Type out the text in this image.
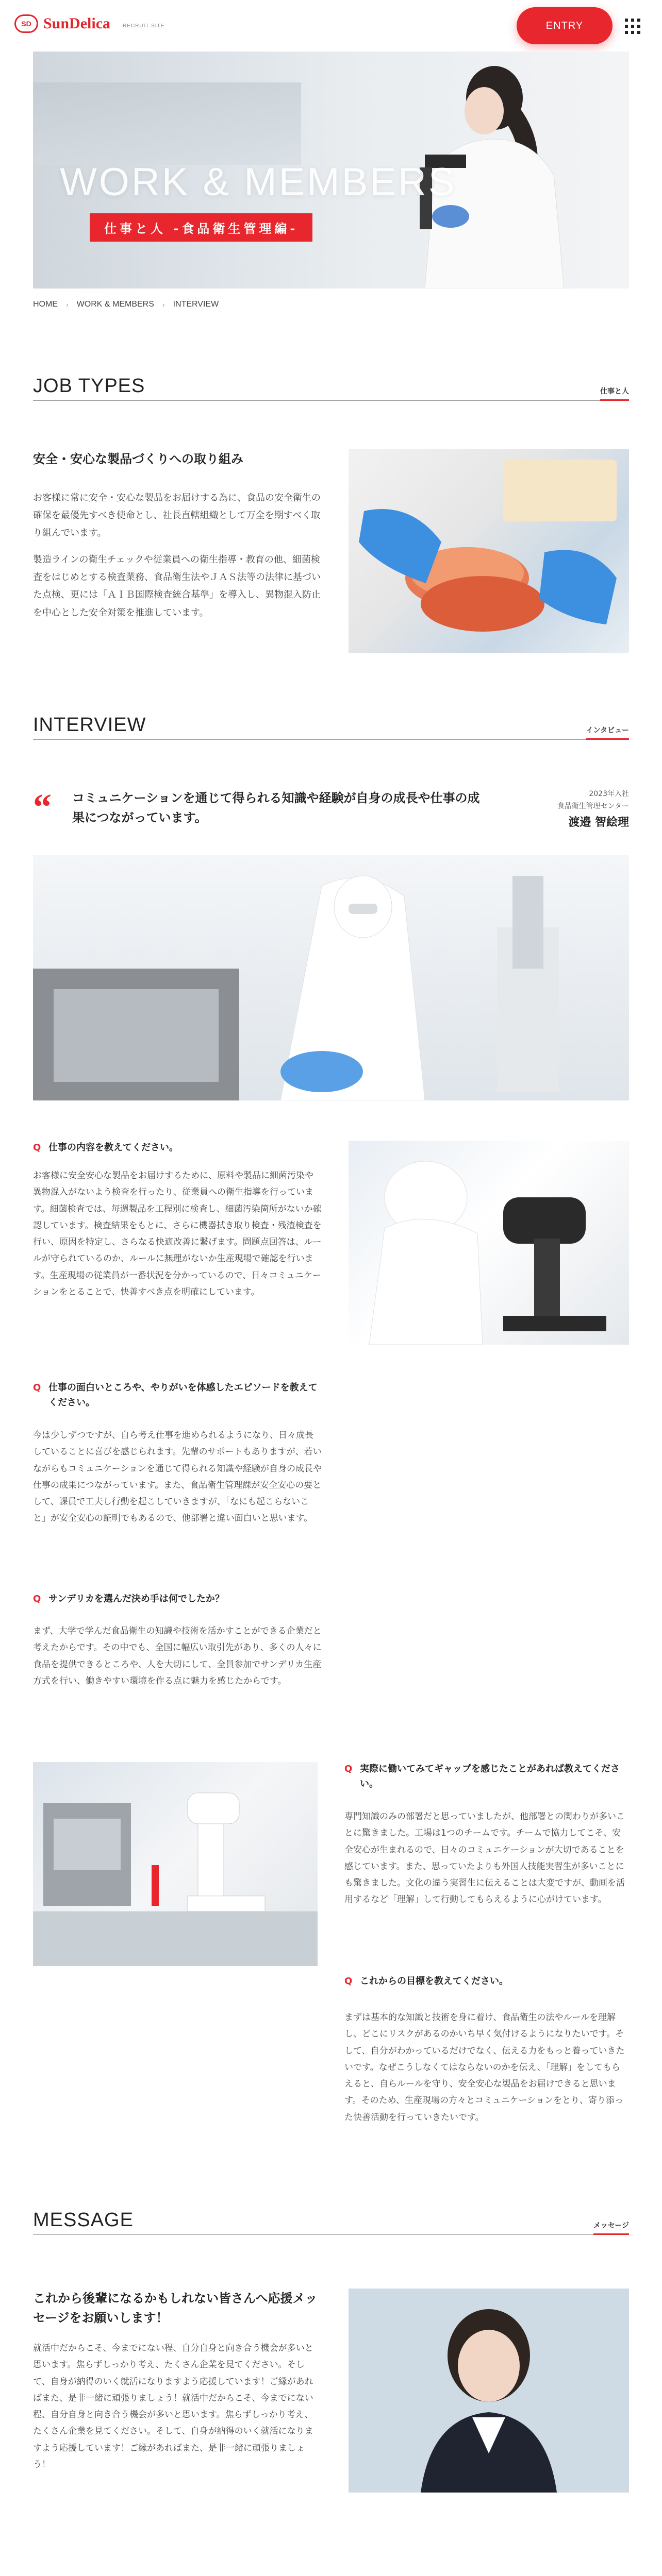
SD SunDelica RECRUIT SITE	ENTRY
WORK & MEMBERS
仕事と人 -食品衛生管理編-
HOME › WORK & MEMBERS › INTERVIEW
JOB TYPES	仕事と人
安全・安心な製品づくりへの取り組み
お客様に常に安全・安心な製品をお届けする為に、食品の安全衛生の確保を最優先すべき使命とし、社長直轄組織として万全を期すべく取り組んでいます。
製造ラインの衛生チェックや従業員への衛生指導・教育の他、細菌検査をはじめとする検査業務、食品衛生法やＪＡＳ法等の法律に基づいた点検、更には「ＡＩＢ国際検査統合基準」を導入し、異物混入防止を中心とした安全対策を推進しています。
INTERVIEW	インタビュー
“ コミュニケーションを通じて得られる知識や経験が自身の成長や仕事の成果につながっています。
2023年入社
食品衛生管理センター
渡邉 智絵理
Q 仕事の内容を教えてください。
お客様に安全安心な製品をお届けするために、原料や製品に細菌汚染や異物混入がないよう検査を行ったり、従業員への衛生指導を行っています。細菌検査では、毎週製品を工程別に検査し、細菌汚染箇所がないか確認しています。検査結果をもとに、さらに機器拭き取り検査・残渣検査を行い、原因を特定し、さらなる快適改善に繋げます。問題点回答は、ルールが守られているのか、ルールに無理がないか生産現場で確認を行います。生産現場の従業員が一番状況を分かっているので、日々コミュニケーションをとることで、快善すべき点を明確にしています。
Q 仕事の面白いところや、やりがいを体感したエピソードを教えてください。
今は少しずつですが、自ら考え仕事を進められるようになり、日々成長していることに喜びを感じられます。先輩のサポートもありますが、若いながらもコミュニケーションを通じて得られる知識や経験が自身の成長や仕事の成果につながっています。また、食品衛生管理課が安全安心の要として、課員で工夫し行動を起こしていきますが、「なにも起こらないこと」が安全安心の証明でもあるので、他部署と違い面白いと思います。
Q サンデリカを選んだ決め手は何でしたか？
まず、大学で学んだ食品衛生の知識や技術を活かすことができる企業だと考えたからです。その中でも、全国に幅広い取引先があり、多くの人々に食品を提供できるところや、人を大切にして、全員参加でサンデリカ生産方式を行い、働きやすい環境を作る点に魅力を感じたからです。
Q 実際に働いてみてギャップを感じたことがあれば教えてください。
専門知識のみの部署だと思っていましたが、他部署との関わりが多いことに驚きました。工場は1つのチームです。チームで協力してこそ、安全安心が生まれるので、日々のコミュニケーションが大切であることを感じています。また、思っていたよりも外国人技能実習生が多いことにも驚きました。文化の違う実習生に伝えることは大変ですが、動画を活用するなど「理解」して行動してもらえるように心がけています。
Q これからの目標を教えてください。
まずは基本的な知識と技術を身に着け、食品衛生の法やルールを理解し、どこにリスクがあるのかいち早く気付けるようになりたいです。そして、自分がわかっているだけでなく、伝える力をもっと養っていきたいです。なぜこうしなくてはならないのかを伝え、「理解」をしてもらえると、自らルールを守り、安全安心な製品をお届けできると思います。そのため、生産現場の方々とコミュニケーションをとり、寄り添った快善活動を行っていきたいです。
MESSAGE	メッセージ
これから後輩になるかもしれない皆さんへ応援メッセージをお願いします！
就活中だからこそ、今までにない程、自分自身と向き合う機会が多いと思います。焦らずしっかり考え、たくさん企業を見てください。そして、自身が納得のいく就活になりますよう応援しています！ご縁があればまた、是非一緒に頑張りましょう！就活中だからこそ、今までにない程、自分自身と向き合う機会が多いと思います。焦らずしっかり考え、たくさん企業を見てください。そして、自身が納得のいく就活になりますよう応援しています！ご縁があればまた、是非一緒に頑張りましょう！
